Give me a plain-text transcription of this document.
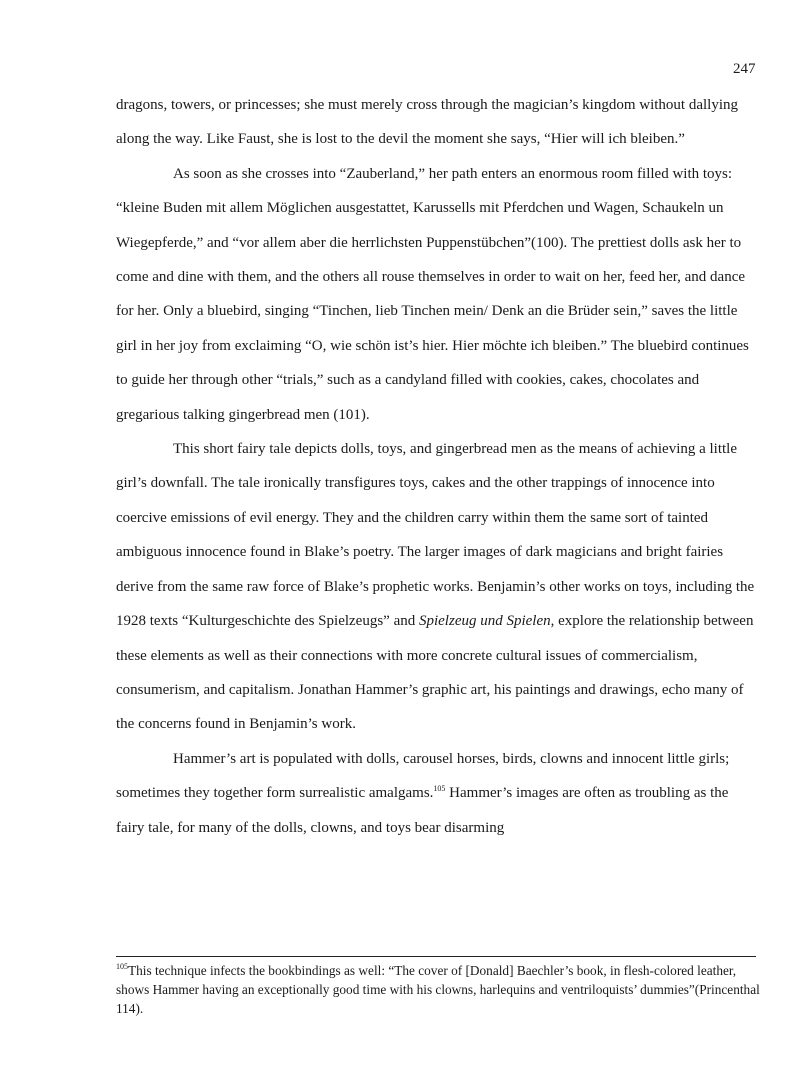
247

dragons, towers, or princesses; she must merely cross through the magician’s kingdom without dallying along the way. Like Faust, she is lost to the devil the moment she says, “Hier will ich bleiben.”

As soon as she crosses into “Zauberland,” her path enters an enormous room filled with toys: “kleine Buden mit allem Möglichen ausgestattet, Karussells mit Pferdchen und Wagen, Schaukeln un Wiegepferde,” and “vor allem aber die herrlichsten Puppenstübchen”(100). The prettiest dolls ask her to come and dine with them, and the others all rouse themselves in order to wait on her, feed her, and dance for her. Only a bluebird, singing “Tinchen, lieb Tinchen mein/ Denk an die Brüder sein,” saves the little girl in her joy from exclaiming “O, wie schön ist’s hier. Hier möchte ich bleiben.” The bluebird continues to guide her through other “trials,” such as a candyland filled with cookies, cakes, chocolates and gregarious talking gingerbread men (101).

This short fairy tale depicts dolls, toys, and gingerbread men as the means of achieving a little girl’s downfall. The tale ironically transfigures toys, cakes and the other trappings of innocence into coercive emissions of evil energy. They and the children carry within them the same sort of tainted ambiguous innocence found in Blake’s poetry. The larger images of dark magicians and bright fairies derive from the same raw force of Blake’s prophetic works. Benjamin’s other works on toys, including the 1928 texts “Kulturgeschichte des Spielzeugs” and Spielzeug und Spielen, explore the relationship between these elements as well as their connections with more concrete cultural issues of commercialism, consumerism, and capitalism. Jonathan Hammer’s graphic art, his paintings and drawings, echo many of the concerns found in Benjamin’s work.

Hammer’s art is populated with dolls, carousel horses, birds, clowns and innocent little girls; sometimes they together form surrealistic amalgams.$^{105}$ Hammer’s images are often as troubling as the fairy tale, for many of the dolls, clowns, and toys bear disarming

$^{105}$This technique infects the bookbindings as well: “The cover of [Donald] Baechler’s book, in flesh-colored leather, shows Hammer having an exceptionally good time with his clowns, harlequins and ventriloquists’ dummies”(Princenthal 114).
